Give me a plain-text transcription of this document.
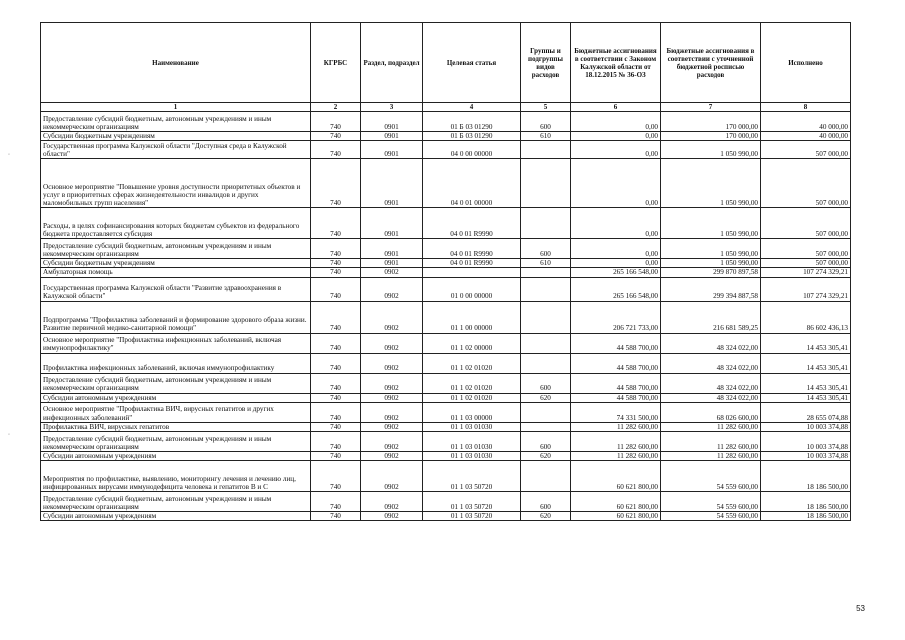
Наименование	КГРБС	Раздел, подраздел	Целевая статья	Группы и подгруппы видов расходов	Бюджетные ассигнования в соответствии с Законом Калужской области от 18.12.2015 № 36-ОЗ	Бюджетные ассигнования в соответствии с уточненной бюджетной росписью расходов	Исполнено
1	2	3	4	5	6	7	8
Предоставление субсидий бюджетным, автономным учреждениям и иным некоммерческим организациям	740	0901	01 Б 03 01290	600	0,00	170 000,00	40 000,00
Субсидии бюджетным учреждениям	740	0901	01 Б 03 01290	610	0,00	170 000,00	40 000,00
Государственная программа Калужской области "Доступная среда в Калужской области"	740	0901	04 0 00 00000		0,00	1 050 990,00	507 000,00
Основное мероприятие "Повышение уровня доступности приоритетных объектов и услуг в приоритетных сферах жизнедеятельности инвалидов и других маломобильных групп населения"	740	0901	04 0 01 00000		0,00	1 050 990,00	507 000,00
Расходы, в целях софинансирования которых бюджетам субъектов из федерального бюджета предоставляется субсидия	740	0901	04 0 01 R9990		0,00	1 050 990,00	507 000,00
Предоставление субсидий бюджетным, автономным учреждениям и иным некоммерческим организациям	740	0901	04 0 01 R9990	600	0,00	1 050 990,00	507 000,00
Субсидии бюджетным учреждениям	740	0901	04 0 01 R9990	610	0,00	1 050 990,00	507 000,00
Амбулаторная помощь	740	0902			265 166 548,00	299 870 897,58	107 274 329,21
Государственная программа Калужской области "Развитие здравоохранения в Калужской области"	740	0902	01 0 00 00000		265 166 548,00	299 394 887,58	107 274 329,21
Подпрограмма "Профилактика заболеваний и формирование здорового образа жизни. Развитие первичной медико-санитарной помощи"	740	0902	01 1 00 00000		206 721 733,00	216 681 589,25	86 602 436,13
Основное мероприятие "Профилактика инфекционных заболеваний, включая иммунопрофилактику"	740	0902	01 1 02 00000		44 588 700,00	48 324 022,00	14 453 305,41
Профилактика инфекционных заболеваний, включая иммунопрофилактику	740	0902	01 1 02 01020		44 588 700,00	48 324 022,00	14 453 305,41
Предоставление субсидий бюджетным, автономным учреждениям и иным некоммерческим организациям	740	0902	01 1 02 01020	600	44 588 700,00	48 324 022,00	14 453 305,41
Субсидии автономным учреждениям	740	0902	01 1 02 01020	620	44 588 700,00	48 324 022,00	14 453 305,41
Основное мероприятие "Профилактика ВИЧ, вирусных гепатитов и других инфекционных заболеваний"	740	0902	01 1 03 00000		74 331 500,00	68 026 600,00	28 655 074,88
Профилактика ВИЧ, вирусных гепатитов	740	0902	01 1 03 01030		11 282 600,00	11 282 600,00	10 003 374,88
Предоставление субсидий бюджетным, автономным учреждениям и иным некоммерческим организациям	740	0902	01 1 03 01030	600	11 282 600,00	11 282 600,00	10 003 374,88
Субсидии автономным учреждениям	740	0902	01 1 03 01030	620	11 282 600,00	11 282 600,00	10 003 374,88
Мероприятия по профилактике, выявлению, мониторингу лечения и лечению лиц, инфицированных вирусами иммунодефицита человека и гепатитов B и C	740	0902	01 1 03 50720		60 621 800,00	54 559 600,00	18 186 500,00
Предоставление субсидий бюджетным, автономным учреждениям и иным некоммерческим организациям	740	0902	01 1 03 50720	600	60 621 800,00	54 559 600,00	18 186 500,00
Субсидии автономным учреждениям	740	0902	01 1 03 50720	620	60 621 800,00	54 559 600,00	18 186 500,00
◦
◦
53
